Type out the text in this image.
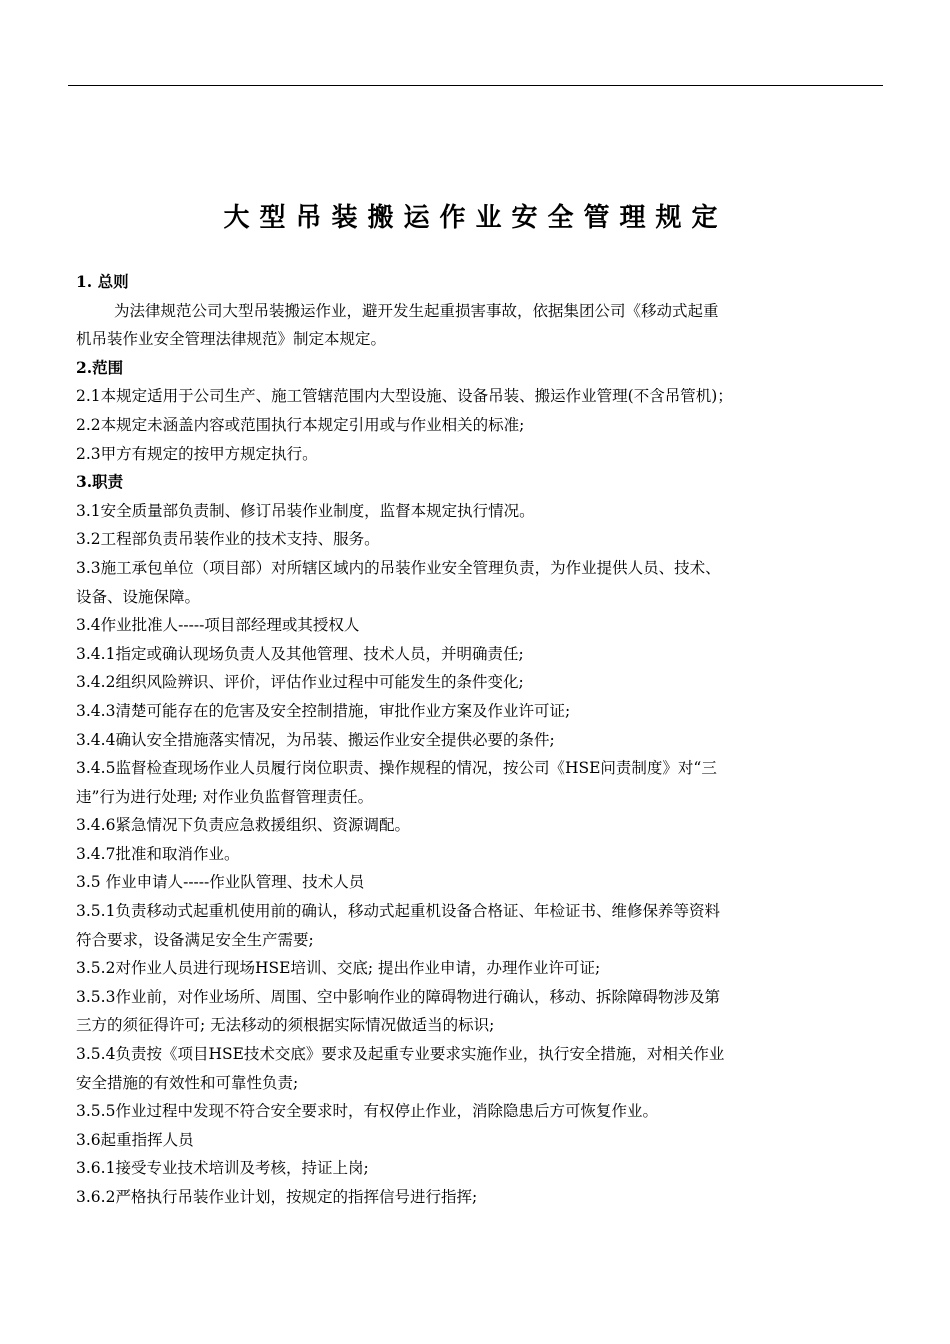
大型吊装搬运作业安全管理规定
1. 总则
为法律规范公司大型吊装搬运作业，避开发生起重损害事故，依据集团公司《移动式起重
机吊装作业安全管理法律规范》制定本规定。
2.范围
2.1本规定适用于公司生产、施工管辖范围内大型设施、设备吊装、搬运作业管理(不含吊管机)；
2.2本规定未涵盖内容或范围执行本规定引用或与作业相关的标准;
2.3甲方有规定的按甲方规定执行。
3.职责
3.1安全质量部负责制、修订吊装作业制度，监督本规定执行情况。
3.2工程部负责吊装作业的技术支持、服务。
3.3施工承包单位（项目部）对所辖区域内的吊装作业安全管理负责，为作业提供人员、技术、
设备、设施保障。
3.4作业批准人-----项目部经理或其授权人
3.4.1指定或确认现场负责人及其他管理、技术人员，并明确责任;
3.4.2组织风险辨识、评价，评估作业过程中可能发生的条件变化;
3.4.3清楚可能存在的危害及安全控制措施，审批作业方案及作业许可证;
3.4.4确认安全措施落实情况，为吊装、搬运作业安全提供必要的条件;
3.4.5监督检查现场作业人员履行岗位职责、操作规程的情况，按公司《HSE问责制度》对“三
违”行为进行处理; 对作业负监督管理责任。
3.4.6紧急情况下负责应急救援组织、资源调配。
3.4.7批准和取消作业。
3.5 作业申请人-----作业队管理、技术人员
3.5.1负责移动式起重机使用前的确认，移动式起重机设备合格证、年检证书、维修保养等资料
符合要求，设备满足安全生产需要;
3.5.2对作业人员进行现场HSE培训、交底; 提出作业申请，办理作业许可证;
3.5.3作业前，对作业场所、周围、空中影响作业的障碍物进行确认，移动、拆除障碍物涉及第
三方的须征得许可; 无法移动的须根据实际情况做适当的标识;
3.5.4负责按《项目HSE技术交底》要求及起重专业要求实施作业，执行安全措施，对相关作业
安全措施的有效性和可靠性负责;
3.5.5作业过程中发现不符合安全要求时，有权停止作业，消除隐患后方可恢复作业。
3.6起重指挥人员
3.6.1接受专业技术培训及考核，持证上岗;
3.6.2严格执行吊装作业计划，按规定的指挥信号进行指挥;
